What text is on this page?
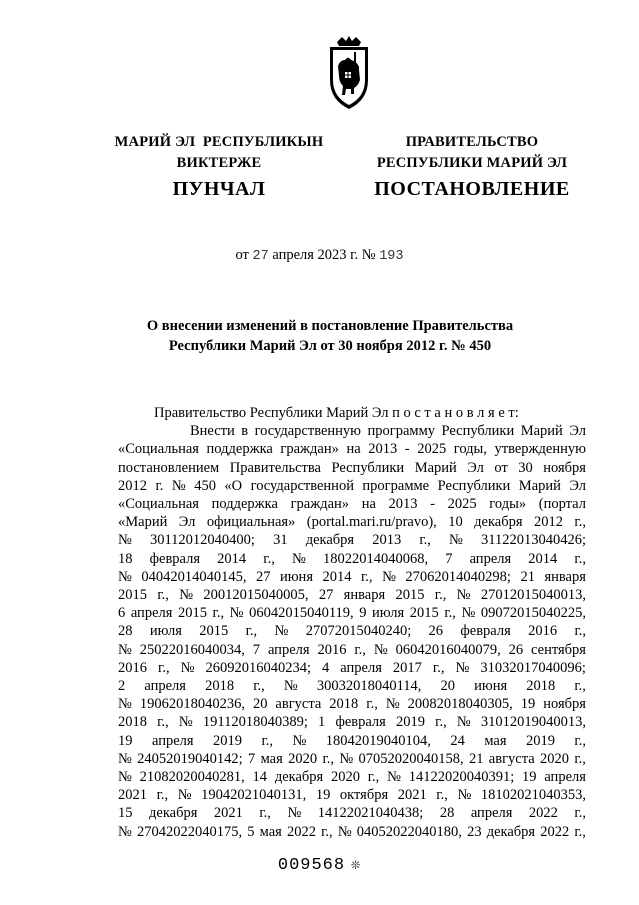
МАРИЙ ЭЛ  РЕСПУБЛИКЫН
ВИКТЕРЖЕ
ПУНЧАЛ
ПРАВИТЕЛЬСТВО
РЕСПУБЛИКИ МАРИЙ ЭЛ
ПОСТАНОВЛЕНИЕ
от 27 апреля 2023 г. № 193
О внесении изменений в постановление Правительства
Республики Марий Эл от 30 ноября 2012 г. № 450
Правительство Республики Марий Эл п о с т а н о в л я е т:
Внести в государственную программу Республики Марий Эл
«Социальная поддержка граждан» на 2013 - 2025 годы, утвержденную
постановлением Правительства Республики Марий Эл от 30 ноября
2012 г. № 450 «О государственной программе Республики Марий Эл
«Социальная поддержка граждан» на 2013 - 2025 годы» (портал
«Марий Эл официальная» (portal.mari.ru/pravo), 10 декабря 2012 г.,
№ 30112012040400; 31 декабря 2013 г., № 31122013040426;
18 февраля 2014 г., № 18022014040068, 7 апреля 2014 г.,
№ 04042014040145, 27 июня 2014 г., № 27062014040298; 21 января
2015 г., № 20012015040005, 27 января 2015 г., № 27012015040013,
6 апреля 2015 г., № 06042015040119, 9 июля 2015 г., № 09072015040225,
28 июля 2015 г., № 27072015040240; 26 февраля 2016 г.,
№ 25022016040034, 7 апреля 2016 г., № 06042016040079, 26 сентября
2016 г., № 26092016040234; 4 апреля 2017 г., № 31032017040096;
2 апреля 2018 г., № 30032018040114, 20 июня 2018 г.,
№ 19062018040236, 20 августа 2018 г., № 20082018040305, 19 ноября
2018 г., № 19112018040389; 1 февраля 2019 г., № 31012019040013,
19 апреля 2019 г., № 18042019040104, 24 мая 2019 г.,
№ 24052019040142; 7 мая 2020 г., № 07052020040158, 21 августа 2020 г.,
№ 21082020040281, 14 декабря 2020 г., № 14122020040391; 19 апреля
2021 г., № 19042021040131, 19 октября 2021 г., № 18102021040353,
15 декабря 2021 г., № 14122021040438; 28 апреля 2022 г.,
№ 27042022040175, 5 мая 2022 г., № 04052022040180, 23 декабря 2022 г.,
009568 ❊
